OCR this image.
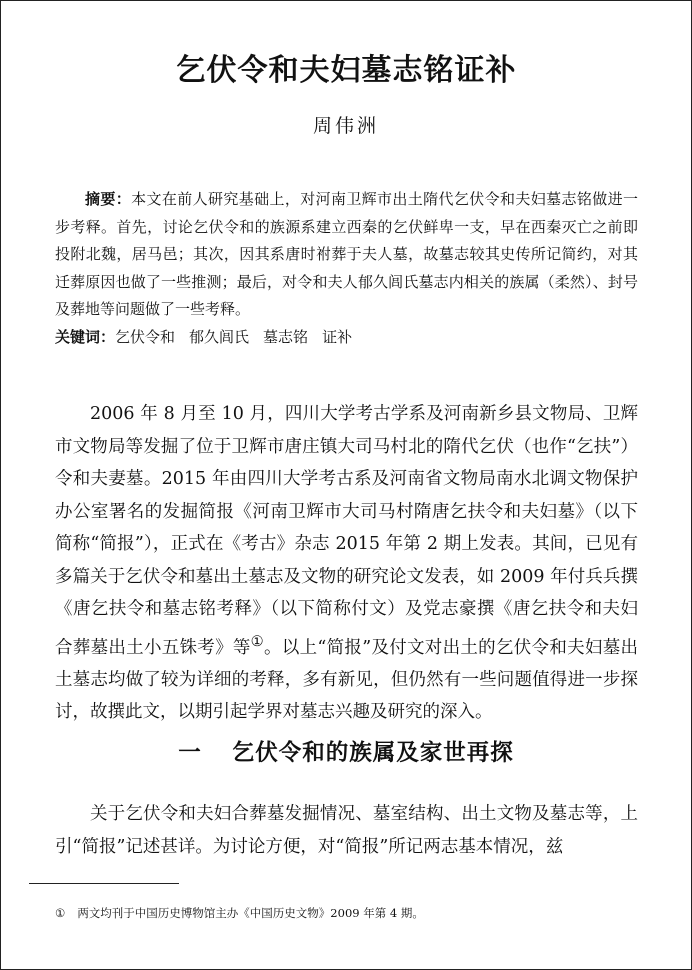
乞伏令和夫妇墓志铭证补
周伟洲

摘要：本文在前人研究基础上，对河南卫辉市出土隋代乞伏令和夫妇墓志铭做进一步考释。首先，讨论乞伏令和的族源系建立西秦的乞伏鲜卑一支，早在西秦灭亡之前即投附北魏，居马邑；其次，因其系唐时祔葬于夫人墓，故墓志较其史传所记简约，对其迁葬原因也做了一些推测；最后，对令和夫人郁久闾氏墓志内相关的族属（柔然）、封号及葬地等问题做了一些考释。

关键词：乞伏令和 郁久闾氏 墓志铭 证补

2006 年 8 月至 10 月，四川大学考古学系及河南新乡县文物局、卫辉市文物局等发掘了位于卫辉市唐庄镇大司马村北的隋代乞伏（也作“乞扶”）令和夫妻墓。2015 年由四川大学考古系及河南省文物局南水北调文物保护办公室署名的发掘简报《河南卫辉市大司马村隋唐乞扶令和夫妇墓》（以下简称“简报”），正式在《考古》杂志 2015 年第 2 期上发表。其间，已见有多篇关于乞伏令和墓出土墓志及文物的研究论文发表，如 2009 年付兵兵撰《唐乞扶令和墓志铭考释》（以下简称付文）及党志豪撰《唐乞扶令和夫妇合葬墓出土小五铢考》等①。以上“简报”及付文对出土的乞伏令和夫妇墓出土墓志均做了较为详细的考释，多有新见，但仍然有一些问题值得进一步探讨，故撰此文，以期引起学界对墓志兴趣及研究的深入。

一 乞伏令和的族属及家世再探

关于乞伏令和夫妇合葬墓发掘情况、墓室结构、出土文物及墓志等，上引“简报”记述甚详。为讨论方便，对“简报”所记两志基本情况，兹

① 两文均刊于中国历史博物馆主办《中国历史文物》2009 年第 4 期。
